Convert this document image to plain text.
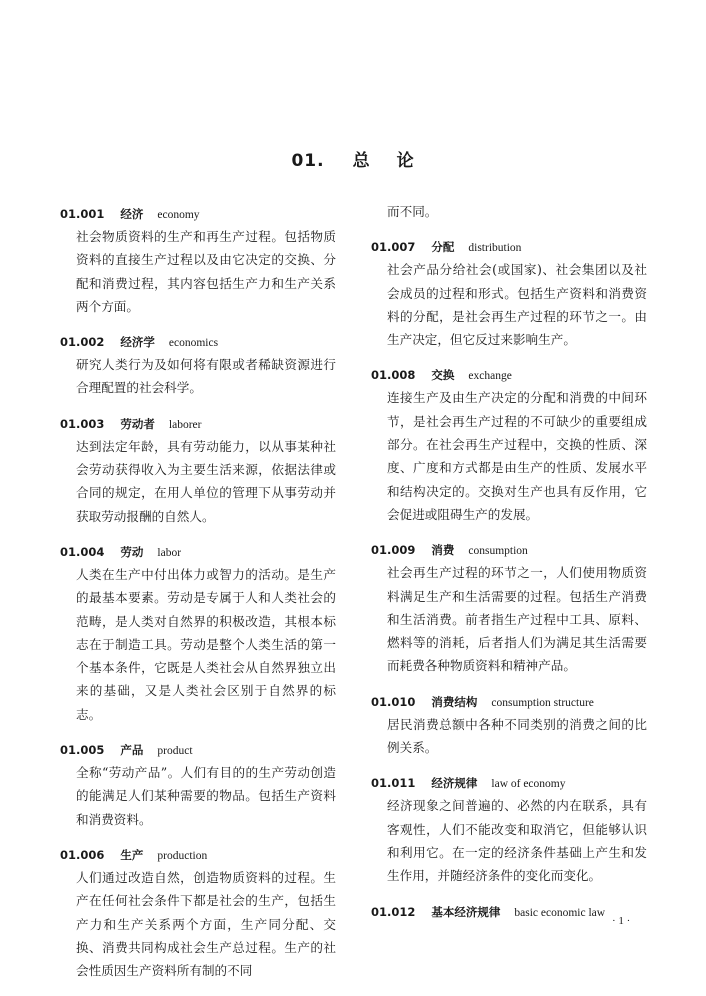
01. 总 论
01.001 经济 economy
社会物质资料的生产和再生产过程。包括物质资料的直接生产过程以及由它决定的交换、分配和消费过程，其内容包括生产力和生产关系两个方面。
01.002 经济学 economics
研究人类行为及如何将有限或者稀缺资源进行合理配置的社会科学。
01.003 劳动者 laborer
达到法定年龄，具有劳动能力，以从事某种社会劳动获得收入为主要生活来源，依据法律或合同的规定，在用人单位的管理下从事劳动并获取劳动报酬的自然人。
01.004 劳动 labor
人类在生产中付出体力或智力的活动。是生产的最基本要素。劳动是专属于人和人类社会的范畴，是人类对自然界的积极改造，其根本标志在于制造工具。劳动是整个人类生活的第一个基本条件，它既是人类社会从自然界独立出来的基础，又是人类社会区别于自然界的标志。
01.005 产品 product
全称“劳动产品”。人们有目的的生产劳动创造的能满足人们某种需要的物品。包括生产资料和消费资料。
01.006 生产 production
人们通过改造自然，创造物质资料的过程。生产在任何社会条件下都是社会的生产，包括生产力和生产关系两个方面，生产同分配、交换、消费共同构成社会生产总过程。生产的社会性质因生产资料所有制的不同
而不同。
01.007 分配 distribution
社会产品分给社会(或国家)、社会集团以及社会成员的过程和形式。包括生产资料和消费资料的分配，是社会再生产过程的环节之一。由生产决定，但它反过来影响生产。
01.008 交换 exchange
连接生产及由生产决定的分配和消费的中间环节，是社会再生产过程的不可缺少的重要组成部分。在社会再生产过程中，交换的性质、深度、广度和方式都是由生产的性质、发展水平和结构决定的。交换对生产也具有反作用，它会促进或阻碍生产的发展。
01.009 消费 consumption
社会再生产过程的环节之一，人们使用物质资料满足生产和生活需要的过程。包括生产消费和生活消费。前者指生产过程中工具、原料、燃料等的消耗，后者指人们为满足其生活需要而耗费各种物质资料和精神产品。
01.010 消费结构 consumption structure
居民消费总额中各种不同类别的消费之间的比例关系。
01.011 经济规律 law of economy
经济现象之间普遍的、必然的内在联系，具有客观性，人们不能改变和取消它，但能够认识和利用它。在一定的经济条件基础上产生和发生作用，并随经济条件的变化而变化。
01.012 基本经济规律 basic economic law
· 1 ·
